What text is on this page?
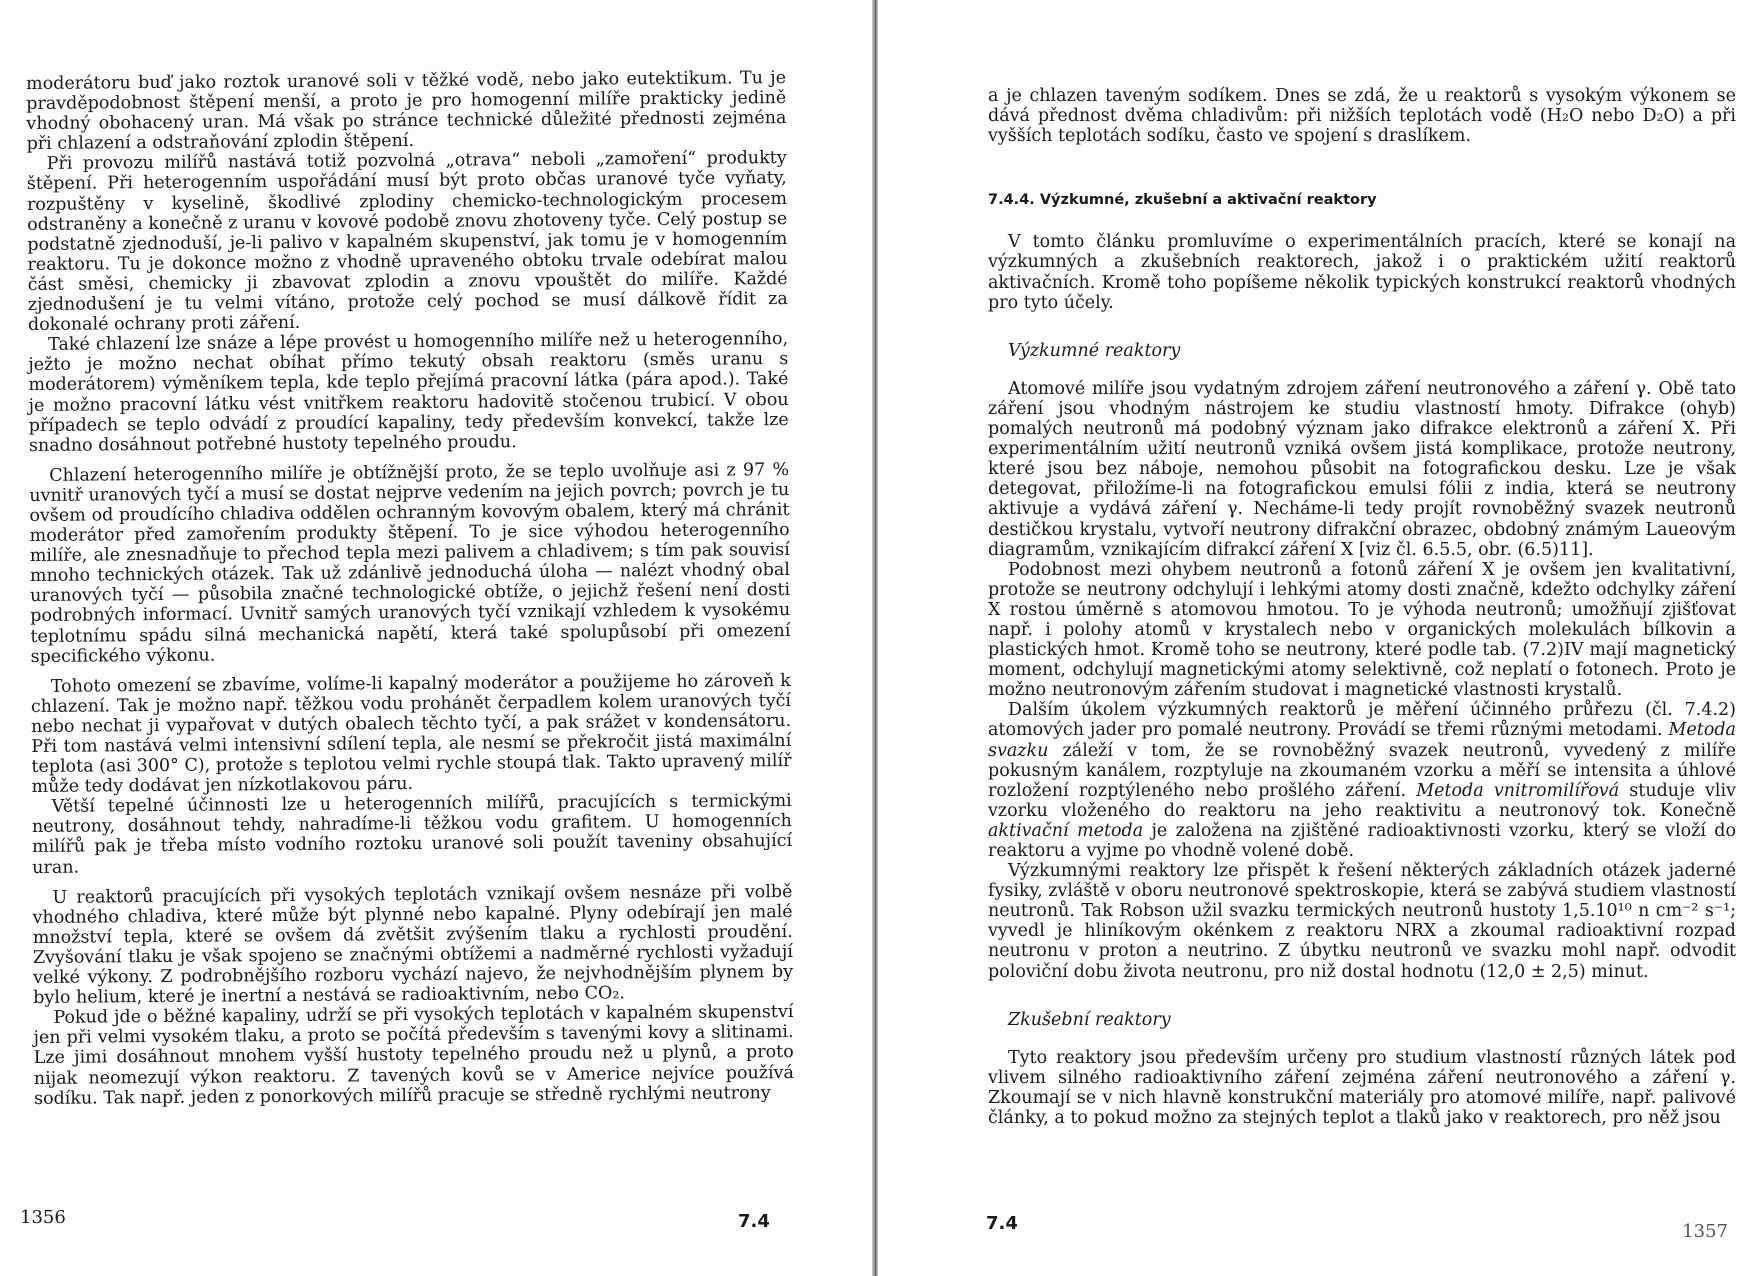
moderátoru buď jako roztok uranové soli v těžké vodě, nebo jako eutektikum. Tu je pravděpodobnost štěpení menší, a proto je pro homogenní milíře prakticky jedině vhodný obohacený uran. Má však po stránce technické důležité přednosti zejména při chlazení a odstraňování zplodin štěpení.

Při provozu milířů nastává totiž pozvolná „otrava“ neboli „zamoření“ produkty štěpení. Při heterogenním uspořádání musí být proto občas uranové tyče vyňaty, rozpuštěny v kyselině, škodlivé zplodiny chemicko-technologickým procesem odstraněny a konečně z uranu v kovové podobě znovu zhotoveny tyče. Celý postup se podstatně zjednoduší, je-li palivo v kapalném skupenství, jak tomu je v homogenním reaktoru. Tu je dokonce možno z vhodně upraveného obtoku trvale odebírat malou část směsi, chemicky ji zbavovat zplodin a znovu vpouštět do milíře. Každé zjednodušení je tu velmi vítáno, protože celý pochod se musí dálkově řídit za dokonalé ochrany proti záření.

Také chlazení lze snáze a lépe provést u homogenního milíře než u heterogenního, ježto je možno nechat obíhat přímo tekutý obsah reaktoru (směs uranu s moderátorem) výměníkem tepla, kde teplo přejímá pracovní látka (pára apod.). Také je možno pracovní látku vést vnitřkem reaktoru hadovitě stočenou trubicí. V obou případech se teplo odvádí z proudící kapaliny, tedy především konvekcí, takže lze snadno dosáhnout potřebné hustoty tepelného proudu.

Chlazení heterogenního milíře je obtížnější proto, že se teplo uvolňuje asi z 97 % uvnitř uranových tyčí a musí se dostat nejprve vedením na jejich povrch; povrch je tu ovšem od proudícího chladiva oddělen ochranným kovovým obalem, který má chránit moderátor před zamořením produkty štěpení. To je sice výhodou heterogenního milíře, ale znesnadňuje to přechod tepla mezi palivem a chladivem; s tím pak souvisí mnoho technických otázek. Tak už zdánlivě jednoduchá úloha — nalézt vhodný obal uranových tyčí — působila značné technologické obtíže, o jejichž řešení není dosti podrobných informací. Uvnitř samých uranových tyčí vznikají vzhledem k vysokému teplotnímu spádu silná mechanická napětí, která také spolupůsobí při omezení specifického výkonu.

Tohoto omezení se zbavíme, volíme-li kapalný moderátor a použijeme ho zároveň k chlazení. Tak je možno např. těžkou vodu prohánět čerpadlem kolem uranových tyčí nebo nechat ji vypařovat v dutých obalech těchto tyčí, a pak srážet v kondensátoru. Při tom nastává velmi intensivní sdílení tepla, ale nesmí se překročit jistá maximální teplota (asi 300° C), protože s teplotou velmi rychle stoupá tlak. Takto upravený milíř může tedy dodávat jen nízkotlakovou páru.

Větší tepelné účinnosti lze u heterogenních milířů, pracujících s termickými neutrony, dosáhnout tehdy, nahradíme-li těžkou vodu grafitem. U homogenních milířů pak je třeba místo vodního roztoku uranové soli použít taveniny obsahující uran.

U reaktorů pracujících při vysokých teplotách vznikají ovšem nesnáze při volbě vhodného chladiva, které může být plynné nebo kapalné. Plyny odebírají jen malé množství tepla, které se ovšem dá zvětšit zvýšením tlaku a rychlosti proudění. Zvyšování tlaku je však spojeno se značnými obtížemi a nadměrné rychlosti vyžadují velké výkony. Z podrobnějšího rozboru vychází najevo, že nejvhodnějším plynem by bylo helium, které je inertní a nestává se radioaktivním, nebo CO₂.

Pokud jde o běžné kapaliny, udrží se při vysokých teplotách v kapalném skupenství jen při velmi vysokém tlaku, a proto se počítá především s tavenými kovy a slitinami. Lze jimi dosáhnout mnohem vyšší hustoty tepelného proudu než u plynů, a proto nijak neomezují výkon reaktoru. Z tavených kovů se v Americe nejvíce používá sodíku. Tak např. jeden z ponorkových milířů pracuje se středně rychlými neutrony

1356	7.4

a je chlazen taveným sodíkem. Dnes se zdá, že u reaktorů s vysokým výkonem se dává přednost dvěma chladivům: při nižších teplotách vodě (H₂O nebo D₂O) a při vyšších teplotách sodíku, často ve spojení s draslíkem.

7.4.4. Výzkumné, zkušební a aktivační reaktory

V tomto článku promluvíme o experimentálních pracích, které se konají na výzkumných a zkušebních reaktorech, jakož i o praktickém užití reaktorů aktivačních. Kromě toho popíšeme několik typických konstrukcí reaktorů vhodných pro tyto účely.

Výzkumné reaktory

Atomové milíře jsou vydatným zdrojem záření neutronového a záření γ. Obě tato záření jsou vhodným nástrojem ke studiu vlastností hmoty. Difrakce (ohyb) pomalých neutronů má podobný význam jako difrakce elektronů a záření X. Při experimentálním užití neutronů vzniká ovšem jistá komplikace, protože neutrony, které jsou bez náboje, nemohou působit na fotografickou desku. Lze je však detegovat, přiložíme-li na fotografickou emulsi fólii z india, která se neutrony aktivuje a vydává záření γ. Necháme-li tedy projít rovnoběžný svazek neutronů destičkou krystalu, vytvoří neutrony difrakční obrazec, obdobný známým Laueovým diagramům, vznikajícím difrakcí záření X [viz čl. 6.5.5, obr. (6.5)11].

Podobnost mezi ohybem neutronů a fotonů záření X je ovšem jen kvalitativní, protože se neutrony odchylují i lehkými atomy dosti značně, kdežto odchylky záření X rostou úměrně s atomovou hmotou. To je výhoda neutronů; umožňují zjišťovat např. i polohy atomů v krystalech nebo v organických molekulách bílkovin a plastických hmot. Kromě toho se neutrony, které podle tab. (7.2)IV mají magnetický moment, odchylují magnetickými atomy selektivně, což neplatí o fotonech. Proto je možno neutronovým zářením studovat i magnetické vlastnosti krystalů.

Dalším úkolem výzkumných reaktorů je měření účinného průřezu (čl. 7.4.2) atomových jader pro pomalé neutrony. Provádí se třemi různými metodami. Metoda svazku záleží v tom, že se rovnoběžný svazek neutronů, vyvedený z milíře pokusným kanálem, rozptyluje na zkoumaném vzorku a měří se intensita a úhlové rozložení rozptýleného nebo prošlého záření. Metoda vnitromilířová studuje vliv vzorku vloženého do reaktoru na jeho reaktivitu a neutronový tok. Konečně aktivační metoda je založena na zjištěné radioaktivnosti vzorku, který se vloží do reaktoru a vyjme po vhodně volené době.

Výzkumnými reaktory lze přispět k řešení některých základních otázek jaderné fysiky, zvláště v oboru neutronové spektroskopie, která se zabývá studiem vlastností neutronů. Tak Robson užil svazku termických neutronů hustoty 1,5.10¹⁰ n cm⁻² s⁻¹; vyvedl je hliníkovým okénkem z reaktoru NRX a zkoumal radioaktivní rozpad neutronu v proton a neutrino. Z úbytku neutronů ve svazku mohl např. odvodit poloviční dobu života neutronu, pro niž dostal hodnotu (12,0 ± 2,5) minut.

Zkušební reaktory

Tyto reaktory jsou především určeny pro studium vlastností různých látek pod vlivem silného radioaktivního záření zejména záření neutronového a záření γ. Zkoumají se v nich hlavně konstrukční materiály pro atomové milíře, např. palivové články, a to pokud možno za stejných teplot a tlaků jako v reaktorech, pro něž jsou

7.4	1357
